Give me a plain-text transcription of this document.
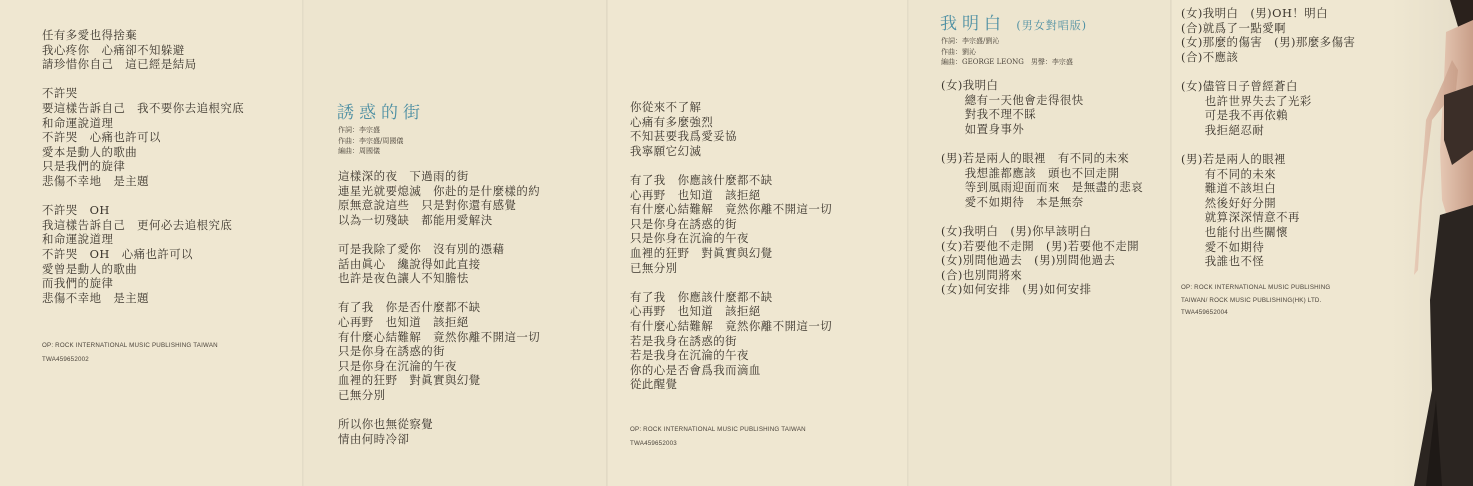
任有多愛也得捨棄
我心疼你　心痛卻不知躲避
請珍惜你自己　這已經是結局
不許哭
要這樣告訴自己　我不要你去追根究底
和命運說道理
不許哭　心痛也許可以
愛本是動人的歌曲
只是我們的旋律
悲傷不幸地　是主題
不許哭　OH
我這樣告訴自己　更何必去追根究底
和命運說道理
不許哭　OH　心痛也許可以
愛曾是動人的歌曲
而我們的旋律
悲傷不幸地　是主題
OP: ROCK INTERNATIONAL MUSIC PUBLISHING TAIWAN
TWA459652002
誘惑的街
作詞：李宗盛
作曲：李宗盛/周國儀
編曲：周國儀
這樣深的夜　下過雨的街
連星光就要熄滅　你赴的是什麼樣的約
原無意說這些　只是對你還有感覺
以為一切殘缺　都能用愛解決
可是我除了愛你　沒有別的憑藉
話由眞心　纔說得如此直接
也許是夜色讓人不知膽怯
有了我　你是否什麼都不缺
心再野　也知道　該拒絕
有什麼心結難解　竟然你離不開這一切
只是你身在誘惑的街
只是你身在沉淪的午夜
血裡的狂野　對眞實與幻覺
已無分別
所以你也無從察覺
情由何時冷卻
你從來不了解
心痛有多麼強烈
不知甚要我爲愛妥協
我寧願它幻滅
有了我　你應該什麼都不缺
心再野　也知道　該拒絕
有什麼心結難解　竟然你離不開這一切
只是你身在誘惑的街
只是你身在沉淪的午夜
血裡的狂野　對眞實與幻覺
已無分別
有了我　你應該什麼都不缺
心再野　也知道　該拒絕
有什麼心結難解　竟然你離不開這一切
若是我身在誘惑的街
若是我身在沉淪的午夜
你的心是否會爲我而滴血
從此醒覺
OP: ROCK INTERNATIONAL MUSIC PUBLISHING TAIWAN
TWA459652003
我明白 (男女對唱版)
作詞：李宗盛/劉沁
作曲：劉沁
編曲：GEORGE LEONG　男聲：李宗盛
(女)我明白
　　總有一天他會走得很快
　　對我不理不睬
　　如置身事外
(男)若是兩人的眼裡　有不同的未來
　　我想誰都應該　頭也不回走開
　　等到風雨迎面而來　是無盡的悲哀
　　愛不如期待　本是無奈
(女)我明白　(男)你早該明白
(女)若要他不走開　(男)若要他不走開
(女)別問他過去　(男)別問他過去
(合)也別問將來
(女)如何安排　(男)如何安排
(女)我明白　(男)OH！明白
(合)就爲了一點愛啊
(女)那麼的傷害　(男)那麼多傷害
(合)不應該
(女)儘管日子曾經蒼白
　　也許世界失去了光彩
　　可是我不再依賴
　　我拒絕忍耐
(男)若是兩人的眼裡
　　有不同的未來
　　難道不該坦白
　　然後好好分開
　　就算深深情意不再
　　也能付出些關懷
　　愛不如期待
　　我誰也不怪
OP: ROCK INTERNATIONAL MUSIC PUBLISHING
TAIWAN/ ROCK MUSIC PUBLISHING(HK) LTD.
TWA459652004
